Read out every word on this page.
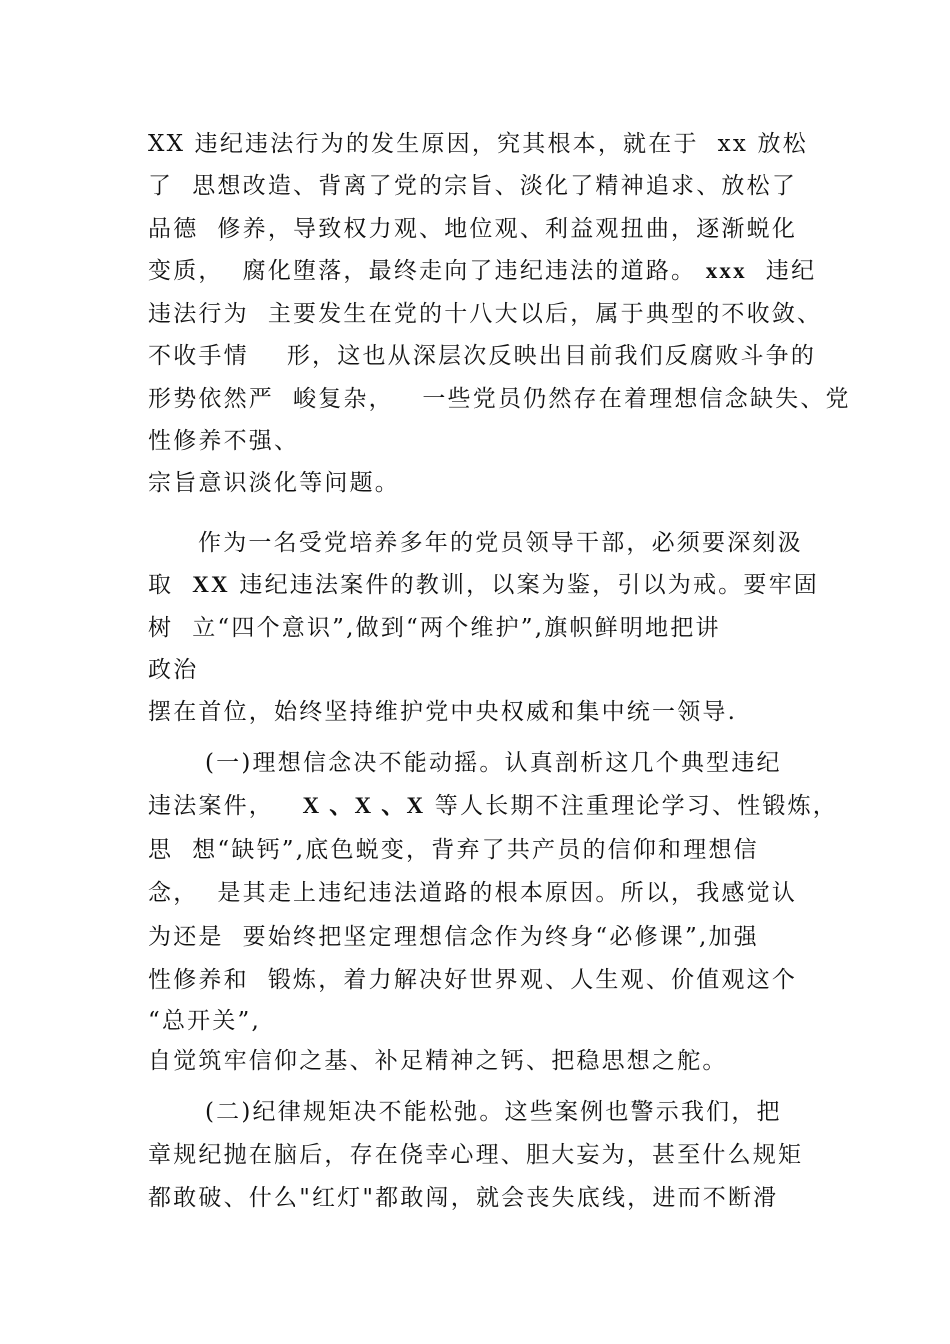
XX 违纪违法行为的发生原因，究其根本，就在于  xx 放松
了  思想改造、背离了党的宗旨、淡化了精神追求、放松了
品德  修养，导致权力观、地位观、利益观扭曲，逐渐蜕化
变质，  腐化堕落，最终走向了违纪违法的道路。 xxx  违纪
违法行为  主要发生在党的十八大以后，属于典型的不收敛、
不收手情    形，这也从深层次反映出目前我们反腐败斗争的
形势依然严  峻复杂，   一些党员仍然存在着理想信念缺失、党
性修养不强、
宗旨意识淡化等问题。
作为一名受党培养多年的党员领导干部，必须要深刻汲
取  XX 违纪违法案件的教训，以案为鉴，引以为戒。要牢固
树  立“四个意识”,做到“两个维护”,旗帜鲜明地把讲
政治
摆在首位，始终坚持维护党中央权威和集中统一领导.
(一)理想信念决不能动摇。认真剖析这几个典型违纪
违法案件，   X 、X 、X 等人长期不注重理论学习、性锻炼，
思  想“缺钙”,底色蜕变，背弃了共产员的信仰和理想信
念，  是其走上违纪违法道路的根本原因。所以，我感觉认
为还是  要始终把坚定理想信念作为终身“必修课”,加强
性修养和  锻炼，着力解决好世界观、人生观、价值观这个
“总开关”,
自觉筑牢信仰之基、补足精神之钙、把稳思想之舵。
(二)纪律规矩决不能松弛。这些案例也警示我们，把
章规纪抛在脑后，存在侥幸心理、胆大妄为，甚至什么规矩
都敢破、什么"红灯"都敢闯，就会丧失底线，进而不断滑
